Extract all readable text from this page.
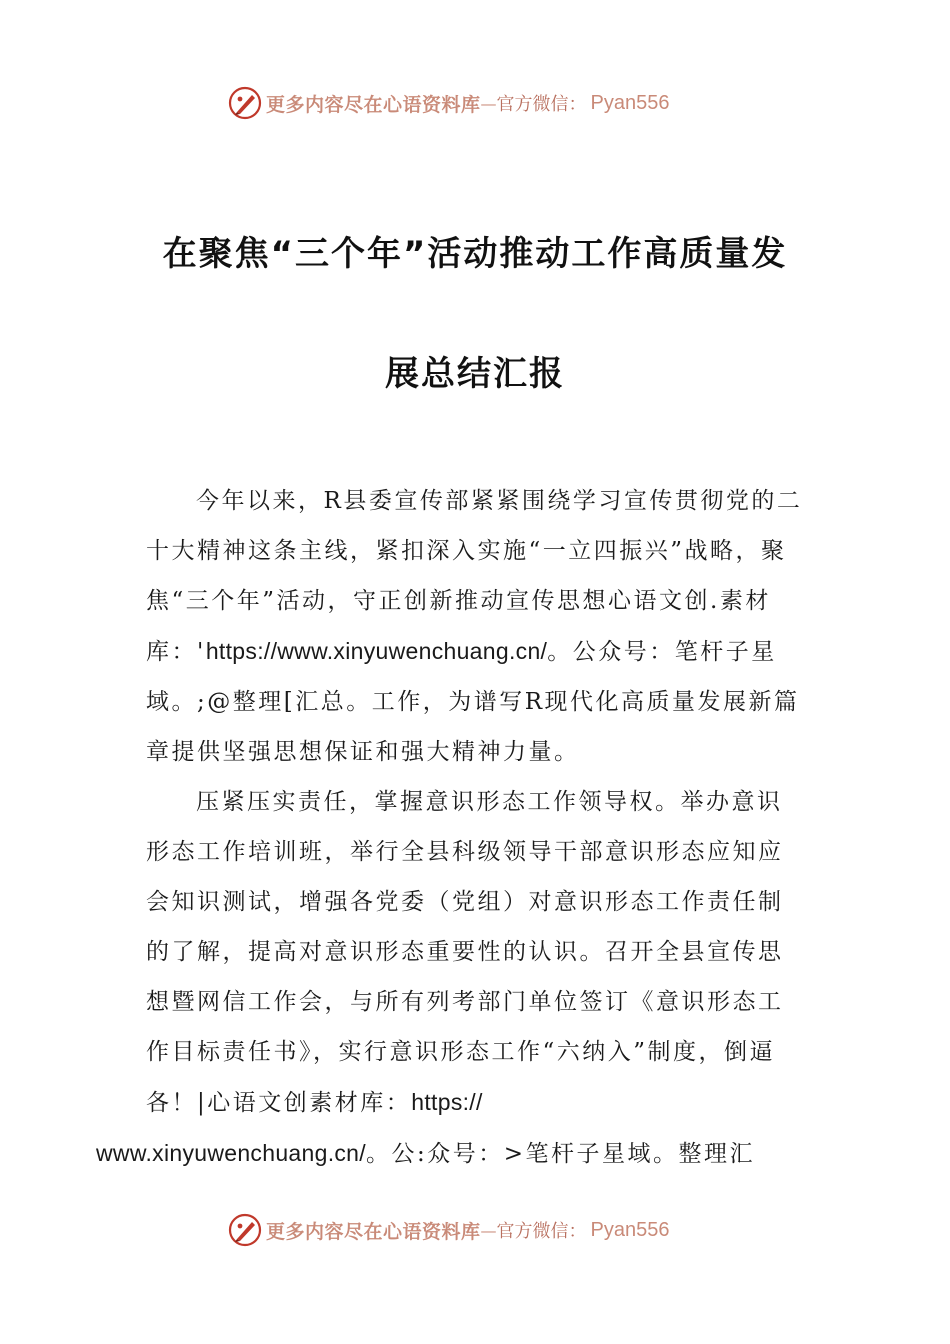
更多内容尽在心语资料库 — 官方微信： Pyan556
在聚焦“三个年”活动推动工作高质量发
展总结汇报

今年以来，R县委宣传部紧紧围绕学习宣传贯彻党的二十大精神这条主线，紧扣深入实施“一立四振兴”战略，聚焦“三个年”活动，守正创新推动宣传思想心语文创.素材库：'https://www.xinyuwenchuang.cn/。公众号：笔杆子星域。;@整理[汇总。工作，为谱写R现代化高质量发展新篇章提供坚强思想保证和强大精神力量。

压紧压实责任，掌握意识形态工作领导权。举办意识形态工作培训班，举行全县科级领导干部意识形态应知应会知识测试，增强各党委（党组）对意识形态工作责任制的了解，提高对意识形态重要性的认识。召开全县宣传思想暨网信工作会，与所有列考部门单位签订《意识形态工作目标责任书》，实行意识形态工作“六纳入”制度，倒逼各！|心语文创素材库：https://
www.xinyuwenchuang.cn/。公:众号：>笔杆子星域。整理汇

更多内容尽在心语资料库 — 官方微信： Pyan556
